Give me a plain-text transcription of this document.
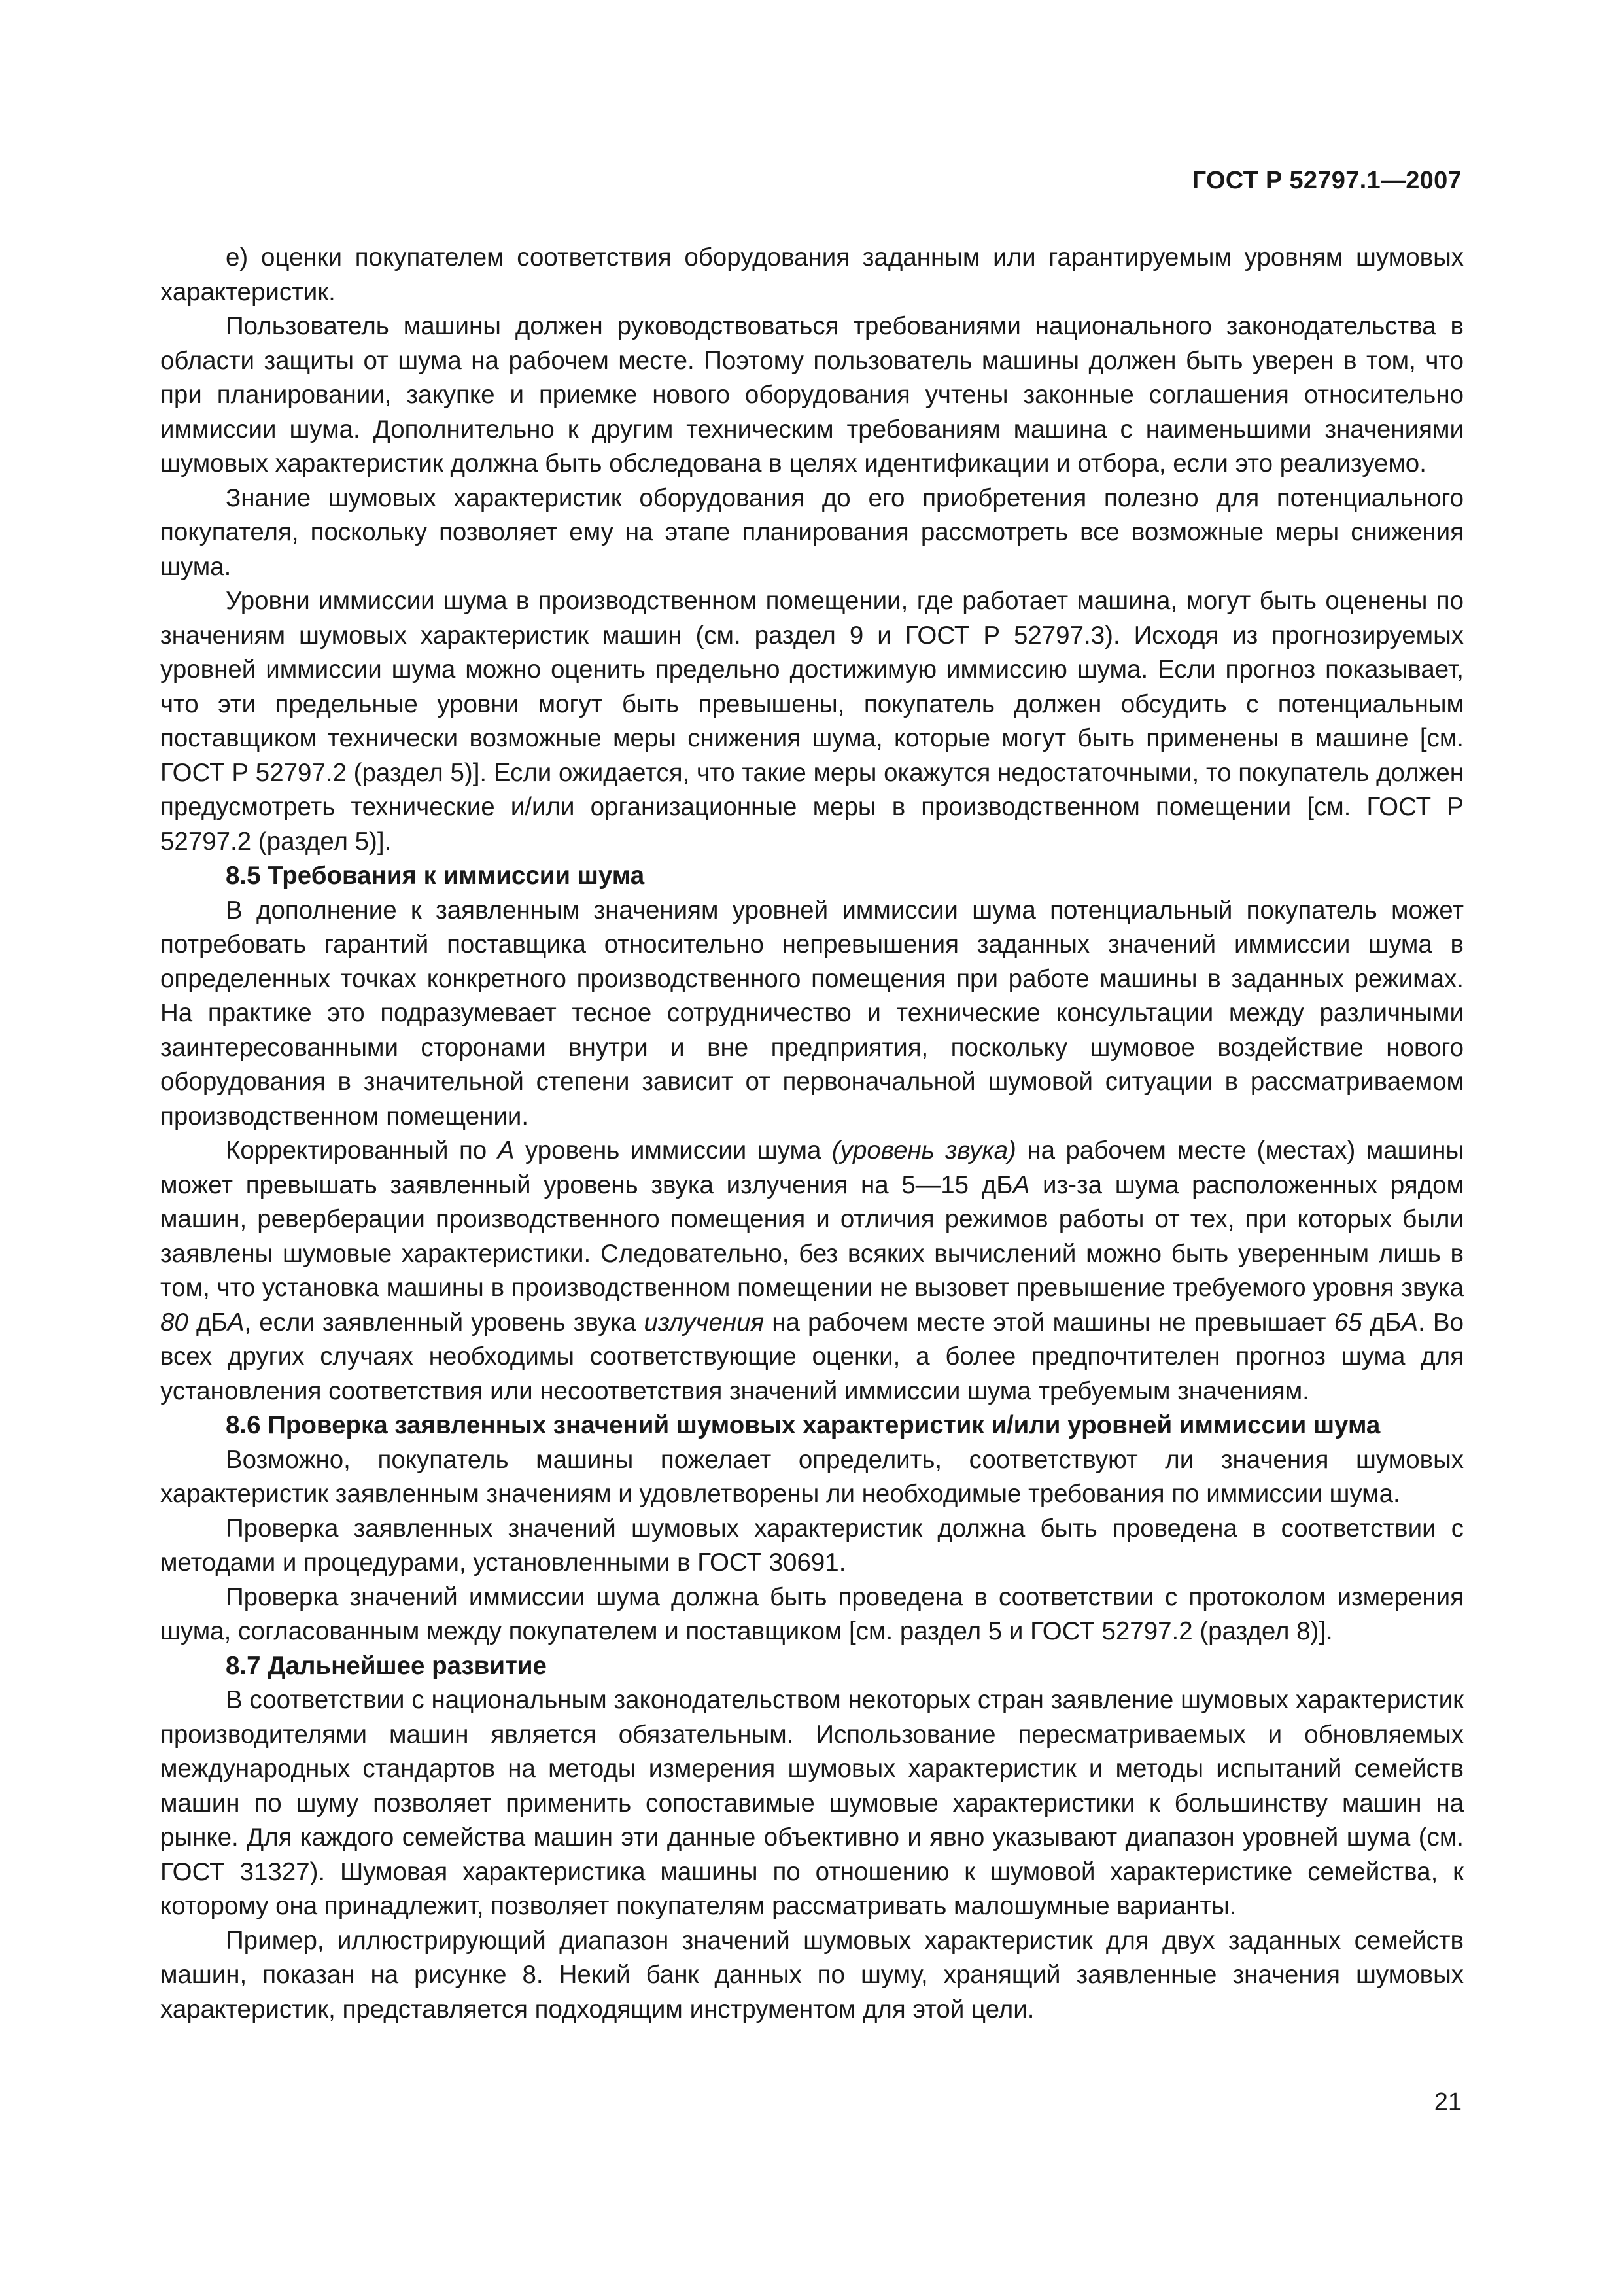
ГОСТ Р 52797.1—2007

е) оценки покупателем соответствия оборудования заданным или гарантируемым уровням шумовых характеристик.

Пользователь машины должен руководствоваться требованиями национального законодательства в области защиты от шума на рабочем месте. Поэтому пользователь машины должен быть уверен в том, что при планировании, закупке и приемке нового оборудования учтены законные соглашения относительно иммиссии шума. Дополнительно к другим техническим требованиям машина с наименьшими значениями шумовых характеристик должна быть обследована в целях идентификации и отбора, если это реализуемо.

Знание шумовых характеристик оборудования до его приобретения полезно для потенциального покупателя, поскольку позволяет ему на этапе планирования рассмотреть все возможные меры снижения шума.

Уровни иммиссии шума в производственном помещении, где работает машина, могут быть оценены по значениям шумовых характеристик машин (см. раздел 9 и ГОСТ Р 52797.3). Исходя из прогнозируемых уровней иммиссии шума можно оценить предельно достижимую иммиссию шума. Если прогноз показывает, что эти предельные уровни могут быть превышены, покупатель должен обсудить с потенциальным поставщиком технически возможные меры снижения шума, которые могут быть применены в машине [см. ГОСТ Р 52797.2 (раздел 5)]. Если ожидается, что такие меры окажутся недостаточными, то покупатель должен предусмотреть технические и/или организационные меры в производственном помещении [см. ГОСТ Р 52797.2 (раздел 5)].

8.5 Требования к иммиссии шума

В дополнение к заявленным значениям уровней иммиссии шума потенциальный покупатель может потребовать гарантий поставщика относительно непревышения заданных значений иммиссии шума в определенных точках конкретного производственного помещения при работе машины в заданных режимах. На практике это подразумевает тесное сотрудничество и технические консультации между различными заинтересованными сторонами внутри и вне предприятия, поскольку шумовое воздействие нового оборудования в значительной степени зависит от первоначальной шумовой ситуации в рассматриваемом производственном помещении.

Корректированный по А уровень иммиссии шума (уровень звука) на рабочем месте (местах) машины может превышать заявленный уровень звука излучения на 5—15 дБА из-за шума расположенных рядом машин, реверберации производственного помещения и отличия режимов работы от тех, при которых были заявлены шумовые характеристики. Следовательно, без всяких вычислений можно быть уверенным лишь в том, что установка машины в производственном помещении не вызовет превышение требуемого уровня звука 80 дБА, если заявленный уровень звука излучения на рабочем месте этой машины не превышает 65 дБА. Во всех других случаях необходимы соответствующие оценки, а более предпочтителен прогноз шума для установления соответствия или несоответствия значений иммиссии шума требуемым значениям.

8.6 Проверка заявленных значений шумовых характеристик и/или уровней иммиссии шума

Возможно, покупатель машины пожелает определить, соответствуют ли значения шумовых характеристик заявленным значениям и удовлетворены ли необходимые требования по иммиссии шума.

Проверка заявленных значений шумовых характеристик должна быть проведена в соответствии с методами и процедурами, установленными в ГОСТ 30691.

Проверка значений иммиссии шума должна быть проведена в соответствии с протоколом измерения шума, согласованным между покупателем и поставщиком [см. раздел 5 и ГОСТ 52797.2 (раздел 8)].

8.7 Дальнейшее развитие

В соответствии с национальным законодательством некоторых стран заявление шумовых характеристик производителями машин является обязательным. Использование пересматриваемых и обновляемых международных стандартов на методы измерения шумовых характеристик и методы испытаний семейств машин по шуму позволяет применить сопоставимые шумовые характеристики к большинству машин на рынке. Для каждого семейства машин эти данные объективно и явно указывают диапазон уровней шума (см. ГОСТ 31327). Шумовая характеристика машины по отношению к шумовой характеристике семейства, к которому она принадлежит, позволяет покупателям рассматривать малошумные варианты.

Пример, иллюстрирующий диапазон значений шумовых характеристик для двух заданных семейств машин, показан на рисунке 8. Некий банк данных по шуму, хранящий заявленные значения шумовых характеристик, представляется подходящим инструментом для этой цели.

21
